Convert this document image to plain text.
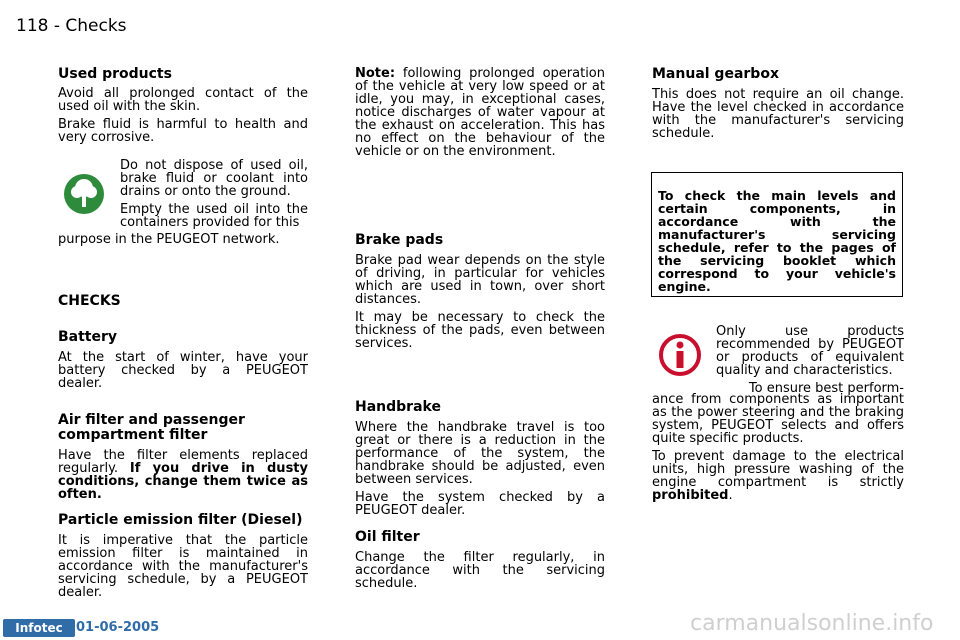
118 - Checks
Used products

Avoid all prolonged contact of the used oil with the skin.

Brake fluid is harmful to health and very corrosive.

Do not dispose of used oil, brake fluid or coolant into drains or onto the ground.

Empty the used oil into the containers provided for this

purpose in the PEUGEOT network.

CHECKS
Battery

At the start of winter, have your battery checked by a PEUGEOT dealer.

Air filter and passenger compartment filter

Have the filter elements replaced regularly. If you drive in dusty conditions, change them twice as often.

Particle emission filter (Diesel)

It is imperative that the particle emission filter is maintained in accordance with the manufacturer's servicing schedule, by a PEUGEOT dealer.

Note: following prolonged operation of the vehicle at very low speed or at idle, you may, in exceptional cases, notice discharges of water vapour at the exhaust on acceleration. This has no effect on the behaviour of the vehicle or on the environment.

Brake pads

Brake pad wear depends on the style of driving, in particular for vehicles which are used in town, over short distances.

It may be necessary to check the thickness of the pads, even between services.

Handbrake

Where the handbrake travel is too great or there is a reduction in the performance of the system, the handbrake should be adjusted, even between services.

Have the system checked by a PEUGEOT dealer.

Oil filter

Change the filter regularly, in accordance with the servicing schedule.

Manual gearbox

This does not require an oil change. Have the level checked in accordance with the manufacturer's servicing schedule.

To check the main levels and certain components, in accordance with the manufacturer's servicing schedule, refer to the pages of the servicing booklet which correspond to your vehicle's engine.

Only use products recommended by PEUGEOT or products of equivalent quality and characteristics.

To ensure best perform-

ance from components as important as the power steering and the braking system, PEUGEOT selects and offers quite specific products.

To prevent damage to the electrical units, high pressure washing of the engine compartment is strictly prohibited.

Infotec	01-06-2005	carmanualsonline.info
